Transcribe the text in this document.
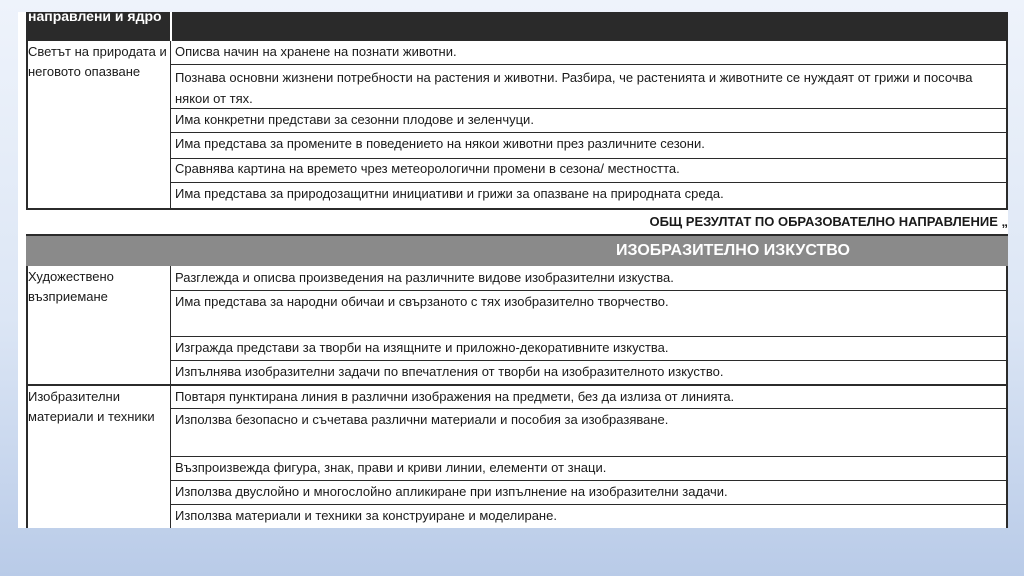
направлени и ядро
Светът на природата и неговото опазване
Описва начин на хранене на познати животни.
Познава основни жизнени потребности на растения и животни. Разбира, че растенията и животните се нуждаят от грижи и посочва някои от тях.
Има конкретни представи за сезонни плодове и зеленчуци.
Има представа за промените в поведението на някои животни през различните сезони.
Сравнява картина на времето чрез метеорологични промени в сезона/ местността.
Има представа за природозащитни инициативи и грижи за опазване на природната среда.
ОБЩ РЕЗУЛТАТ ПО ОБРАЗОВАТЕЛНО НАПРАВЛЕНИЕ „
ИЗОБРАЗИТЕЛНО ИЗКУСТВО
Художествено възприемане
Разглежда и описва произведения на различните видове изобразителни изкуства.
Има представа за народни обичаи и свързаното с тях изобразително творчество.
Изгражда представи за творби на изящните и приложно-декоративните изкуства.
Изпълнява изобразителни задачи по впечатления от творби на изобразителното изкуство.
Изобразителни материали и техники
Повтаря пунктирана линия в различни изображения на предмети, без да излиза от линията.
Използва безопасно и съчетава различни материали и пособия за изобразяване.
Възпроизвежда фигура, знак, прави и криви линии, елементи от знаци.
Използва двуслойно и многослойно апликиране при изпълнение на изобразителни задачи.
Използва материали и техники за конструиране и моделиране.
